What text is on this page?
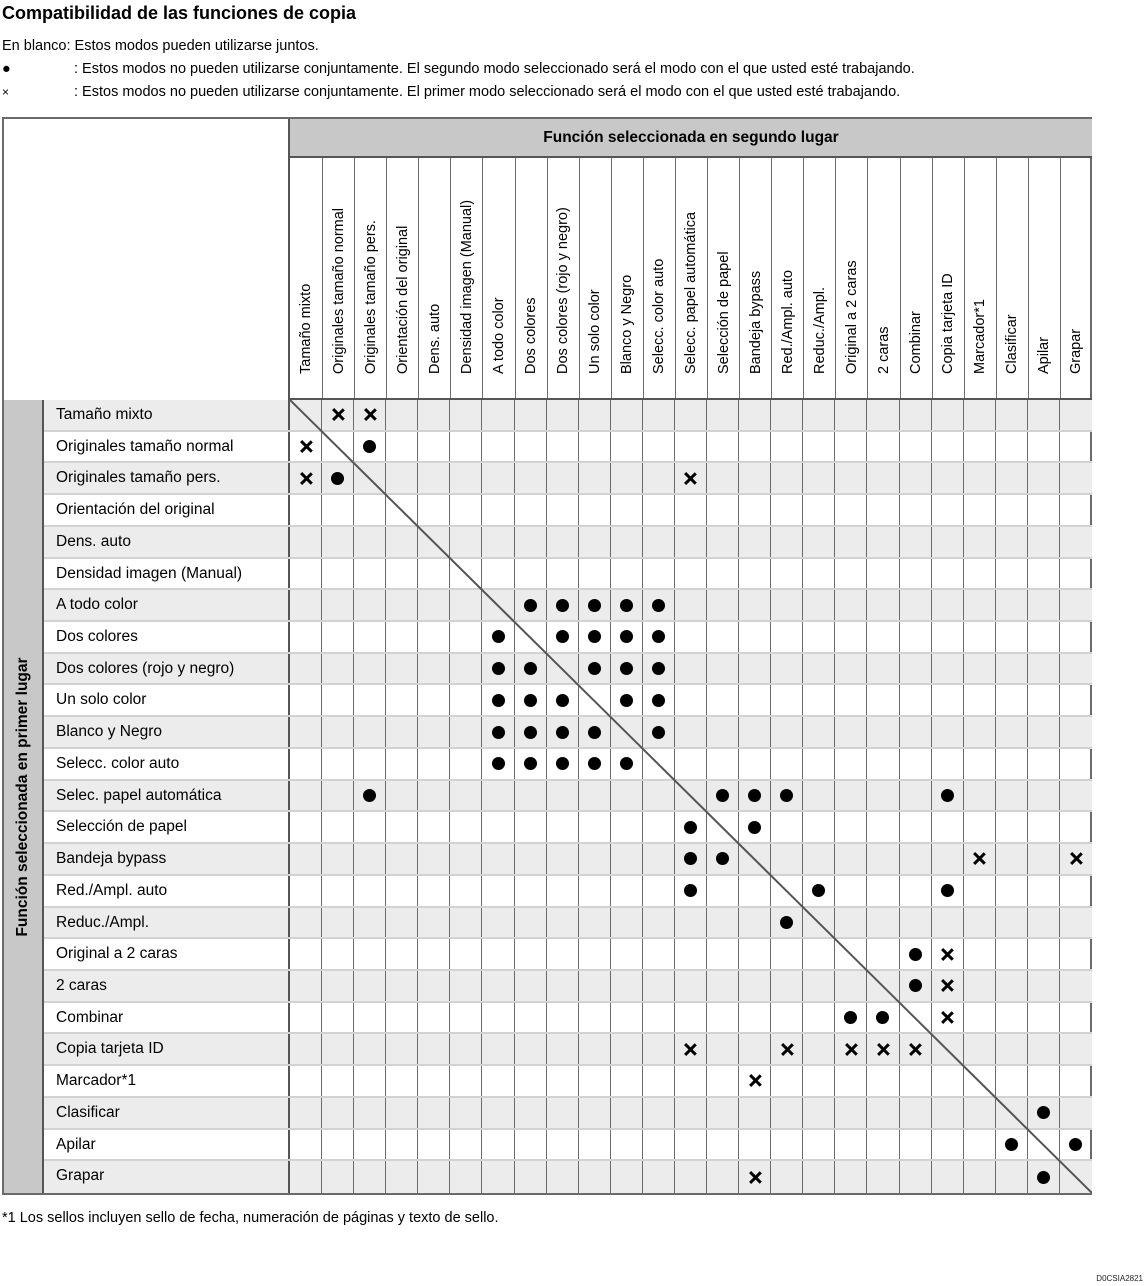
Compatibilidad de las funciones de copia
En blanco: Estos modos pueden utilizarse juntos.
●	: Estos modos no pueden utilizarse conjuntamente. El segundo modo seleccionado será el modo con el que usted esté trabajando.
×	: Estos modos no pueden utilizarse conjuntamente. El primer modo seleccionado será el modo con el que usted esté trabajando.
Función seleccionada en segundo lugar
Tamaño mixto Originales tamaño normal Originales tamaño pers. Orientación del original Dens. auto Densidad imagen (Manual) A todo color Dos colores Dos colores (rojo y negro) Un solo color Blanco y Negro Selecc. color auto Selecc. papel automática Selección de papel Bandeja bypass Red./Ampl. auto Reduc./Ampl. Original a 2 caras 2 caras Combinar Copia tarjeta ID Marcador*1 Clasificar Apilar Grapar
Función seleccionada en primer lugar
Tamaño mixto
Originales tamaño normal
Originales tamaño pers.
Orientación del original
Dens. auto
Densidad imagen (Manual)
A todo color
Dos colores
Dos colores (rojo y negro)
Un solo color
Blanco y Negro
Selecc. color auto
Selec. papel automática
Selección de papel
Bandeja bypass
Red./Ampl. auto
Reduc./Ampl.
Original a 2 caras
2 caras
Combinar
Copia tarjeta ID
Marcador*1
Clasificar
Apilar
Grapar
*1 Los sellos incluyen sello de fecha, numeración de páginas y texto de sello.
D0CSIA2821
